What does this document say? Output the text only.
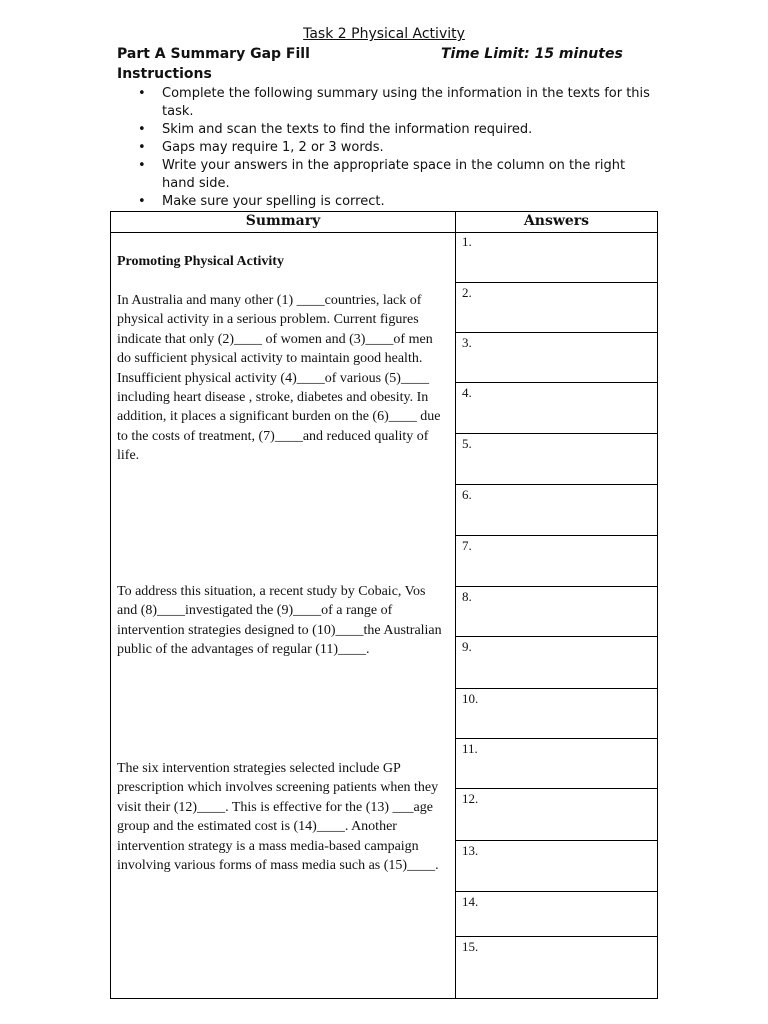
Task 2 Physical Activity
Part A Summary Gap Fill	Time Limit: 15 minutes
Instructions
• Complete the following summary using the information in the texts for this task.
• Skim and scan the texts to find the information required.
• Gaps may require 1, 2 or 3 words.
• Write your answers in the appropriate space in the column on the right hand side.
• Make sure your spelling is correct.
Summary	Answers
Promoting Physical Activity
In Australia and many other (1) ____countries, lack of physical activity in a serious problem. Current figures indicate that only (2)____ of women and (3)____of men do sufficient physical activity to maintain good health. Insufficient physical activity (4)____of various (5)____ including heart disease , stroke, diabetes and obesity. In addition, it places a significant burden on the (6)____ due to the costs of treatment, (7)____and reduced quality of life.
To address this situation, a recent study by Cobaic, Vos and (8)____investigated the (9)____of a range of intervention strategies designed to (10)____the Australian public of the advantages of regular (11)____.
The six intervention strategies selected include GP prescription which involves screening patients when they visit their (12)____. This is effective for the (13) ___age group and the estimated cost is (14)____. Another intervention strategy is a mass media-based campaign involving various forms of mass media such as (15)____.
1.
2.
3.
4.
5.
6.
7.
8.
9.
10.
11.
12.
13.
14.
15.
